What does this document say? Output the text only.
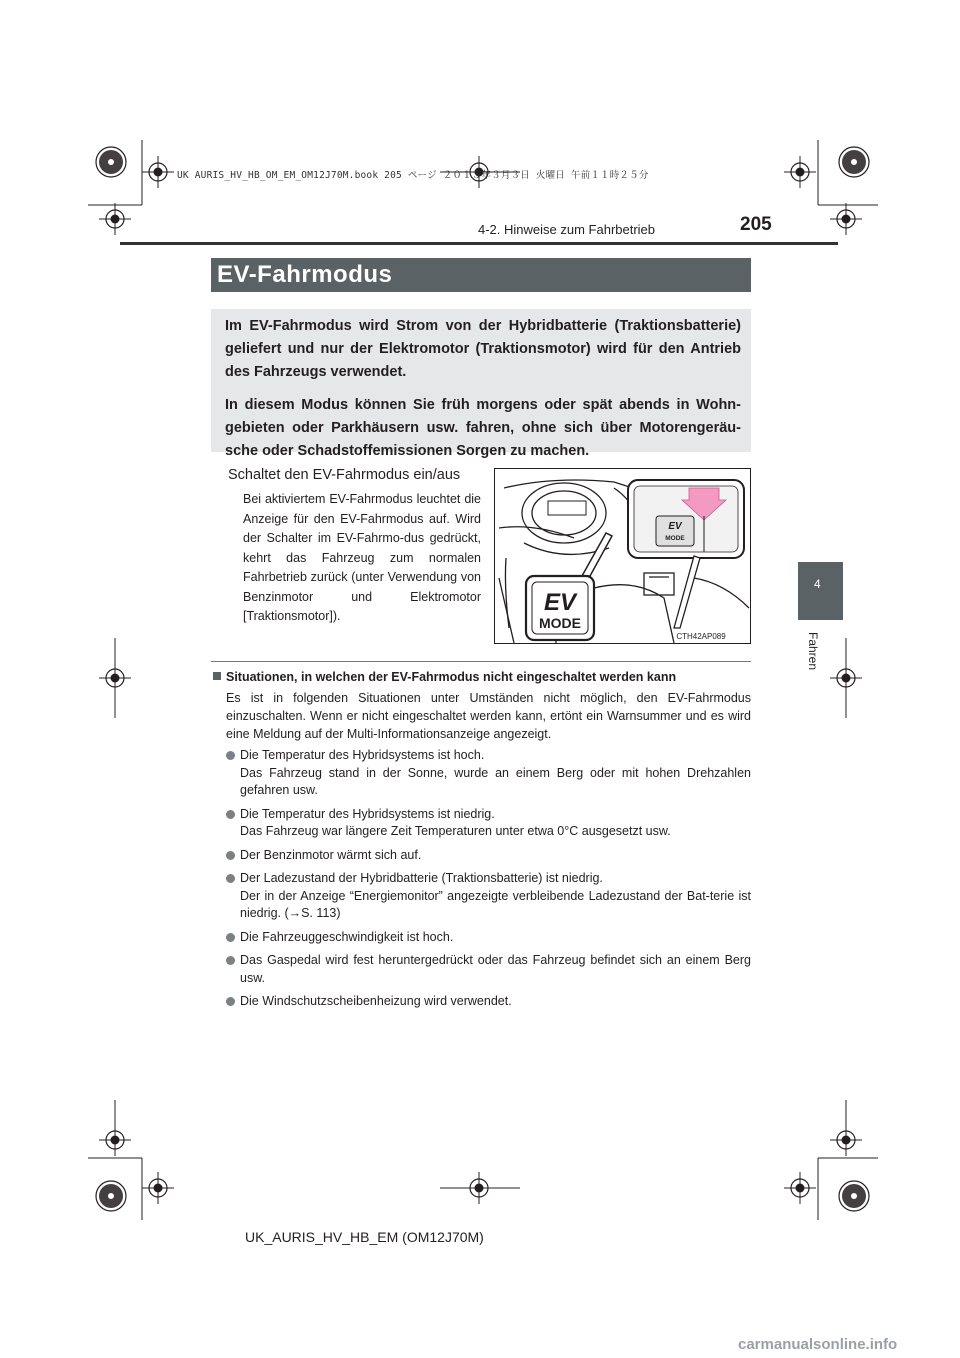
UK AURIS_HV_HB_OM_EM_OM12J70M.book 205 ページ ２０１５年３月３日 火曜日 午前１１時２５分
4-2. Hinweise zum Fahrbetrieb	205
4
Fahren
EV-Fahrmodus

Im EV-Fahrmodus wird Strom von der Hybridbatterie (Traktionsbatterie) geliefert und nur der Elektromotor (Traktionsmotor) wird für den Antrieb des Fahrzeugs verwendet.

In diesem Modus können Sie früh morgens oder spät abends in Wohn-gebieten oder Parkhäusern usw. fahren, ohne sich über Motorengeräu-sche oder Schadstoffemissionen Sorgen zu machen.

Schaltet den EV-Fahrmodus ein/aus
Bei aktiviertem EV-Fahrmodus leuchtet die Anzeige für den EV-Fahrmodus auf. Wird der Schalter im EV-Fahrmo-dus gedrückt, kehrt das Fahrzeug zum normalen Fahrbetrieb zurück (unter Verwendung von Benzinmotor und Elektromotor [Traktionsmotor]).
EV
MODE
EV
MODE
CTH42AP089
Situationen, in welchen der EV-Fahrmodus nicht eingeschaltet werden kann
Es ist in folgenden Situationen unter Umständen nicht möglich, den EV-Fahrmodus einzuschalten. Wenn er nicht eingeschaltet werden kann, ertönt ein Warnsummer und es wird eine Meldung auf der Multi-Informationsanzeige angezeigt.
Die Temperatur des Hybridsystems ist hoch.
Das Fahrzeug stand in der Sonne, wurde an einem Berg oder mit hohen Drehzahlen gefahren usw.
Die Temperatur des Hybridsystems ist niedrig.
Das Fahrzeug war längere Zeit Temperaturen unter etwa 0°C ausgesetzt usw.
Der Benzinmotor wärmt sich auf.
Der Ladezustand der Hybridbatterie (Traktionsbatterie) ist niedrig.
Der in der Anzeige “Energiemonitor” angezeigte verbleibende Ladezustand der Bat-terie ist niedrig. (→S. 113)
Die Fahrzeuggeschwindigkeit ist hoch.
Das Gaspedal wird fest heruntergedrückt oder das Fahrzeug befindet sich an einem Berg usw.
Die Windschutzscheibenheizung wird verwendet.
UK_AURIS_HV_HB_EM (OM12J70M)
carmanualsonline.info
